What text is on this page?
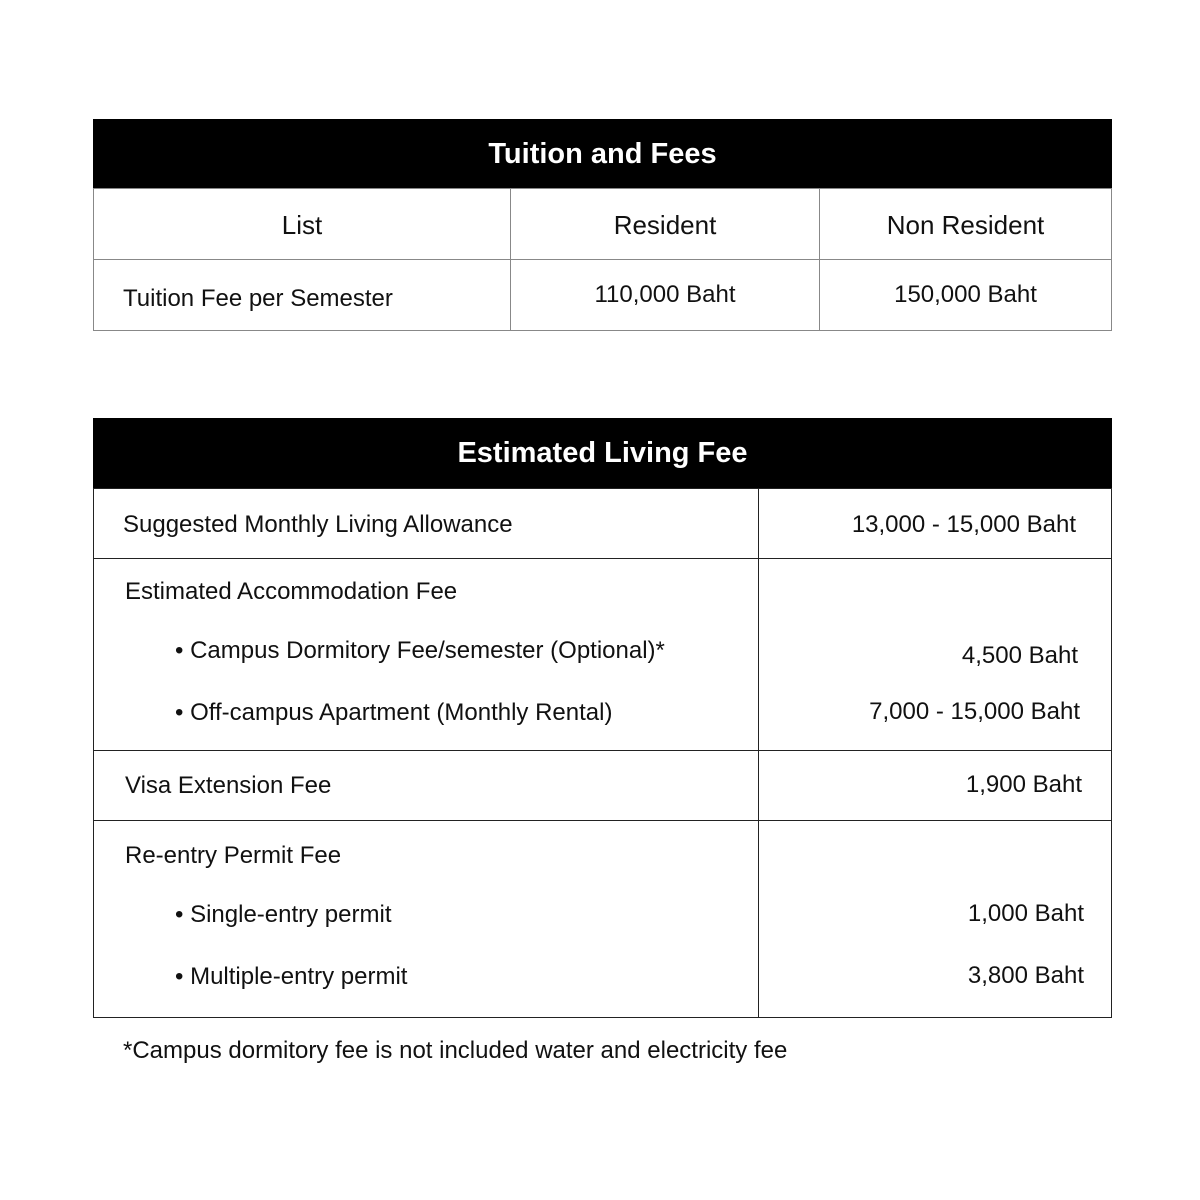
Tuition and Fees
List	Resident	Non Resident
Tuition Fee per Semester	110,000 Baht	150,000 Baht
Estimated Living Fee
Suggested Monthly Living Allowance	13,000 - 15,000 Baht
Estimated Accommodation Fee
• Campus Dormitory Fee/semester (Optional)*	4,500 Baht
• Off-campus Apartment (Monthly Rental)	7,000 - 15,000 Baht
Visa Extension Fee	1,900 Baht
Re-entry Permit Fee
• Single-entry permit	1,000 Baht
• Multiple-entry permit	3,800 Baht
*Campus dormitory fee is not included water and electricity fee
